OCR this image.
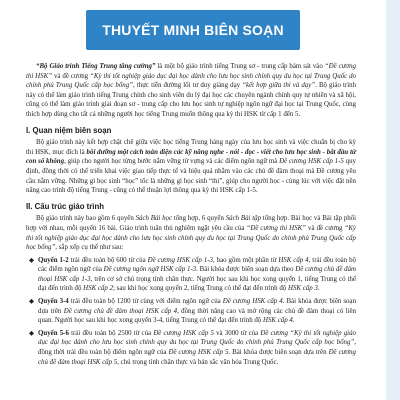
THUYẾT MINH BIÊN SOẠN

“Bộ Giáo trình Tiếng Trung tăng cường” là một bộ giáo trình tiếng Trung sơ - trung cấp bám sát vào “Đề cương thi HSK” và đề cương “Kỳ thi tốt nghiệp giáo dục đại học dành cho lưu học sinh chính quy du học tại Trung Quốc do chính phủ Trung Quốc cấp học bổng”, thực tiễn đường lối tư duy giảng dạy “kết hợp giữa thi và dạy”. Bộ giáo trình này có thể làm giáo trình tiếng Trung chính cho sinh viên du lý đại học các chuyên ngành chính quy tự nhiên và xã hội, cũng có thể làm giáo trình giai đoạn sơ - trung cấp cho lưu học sinh tự nghiệp ngôn ngữ đại học tại Trung Quốc, cùng thích hợp dùng cho tất cả những người học tiếng Trung muốn thông qua kỳ thi HSK từ cấp 1 đến 5.

I. Quan niệm biên soạn

Bộ giáo trình này kết hợp chặt chẽ giữa việc học tiếng Trung hàng ngày của lưu học sinh và việc chuẩn bị cho kỳ thi HSK, mục đích là bồi dưỡng một cách toàn diện các kỹ năng nghe - nói - đọc - viết cho lưu học sinh - bắt đầu từ con số không, giúp cho người học từng bước nắm vững từ vựng và các điểm ngôn ngữ mà Đề cương HSK cấp 1-5 quy định, đồng thời có thể triển khai việc giao tiếp thực tế và hiệu quả nhằm vào các chủ đề đàm thoại mà Đề cương yêu cầu nắm vững. Những gì học sinh “học” tốc là những gì học sinh “thi”, giúp cho người học - cùng lúc với việc đặt nền nâng cao trình độ tiếng Trung - cũng có thể thuận lợi thông qua kỳ thi HSK cấp 1-5.

II. Cấu trúc giáo trình

Bộ giáo trình này bao gồm 6 quyển Sách Bài học tổng hợp, 6 quyển Sách Bài tập tổng hợp. Bài học và Bài tập phối hợp với nhau, mỗi quyển 16 bài. Giáo trình tuân thủ nghiêm ngặt yêu cầu của “Đề cương thi HSK” và đề cương “Kỳ thi tốt nghiệp giáo dục đại học dành cho lưu học sinh chính quy du học tại Trung Quốc do chính phủ Trung Quốc cấp học bổng”, sắp xếp cụ thể như sau:

◆ Quyển 1-2 trải đều toàn bộ 600 từ của Đề cương HSK cấp 1-3, bao gồm một phần từ HSK cấp 4, trải đều toàn bộ các điểm ngôn ngữ của Đề cương ngôn ngữ HSK cấp 1-3. Bài khóa được biên soạn dựa theo Đề cương chủ đề đàm thoại HSK cấp 1-3, trên cơ sở chú trọng tính chân thực. Người học sau khi học xong quyển 1, tiếng Trung có thể đạt đến trình độ HSK cấp 2; sau khi học xong quyển 2, tiếng Trung có thể đạt đến trình độ HSK cấp 3.
◆ Quyển 3-4 trải đều toàn bộ 1200 từ cùng với điểm ngôn ngữ của Đề cương HSK cấp 4. Bài khóa được biên soạn dựa trên Đề cương chủ đề đàm thoại HSK cấp 4, đồng thời nâng cao và mở rộng các chủ đề đàm thoại có liên quan. Người học sau khi học xong quyển 3-4, tiếng Trung có thể đạt đến trình độ HSK cấp 4.
◆ Quyển 5-6 trải đều toàn bộ 2500 từ của Đề cương HSK cấp 5 và 3000 từ của Đề cương “Kỳ thi tốt nghiệp giáo dục đại học dành cho lưu học sinh chính quy du học tại Trung Quốc do chính phủ Trung Quốc cấp học bổng”, đồng thời trải đều toàn bộ điểm ngôn ngữ của Đề cương HSK cấp 5. Bài khóa được biên soạn dựa trên Đề cương chủ đề đàm thoại HSK cấp 5, chú trọng tính chân thực và bản sắc văn hóa Trung Quốc.
